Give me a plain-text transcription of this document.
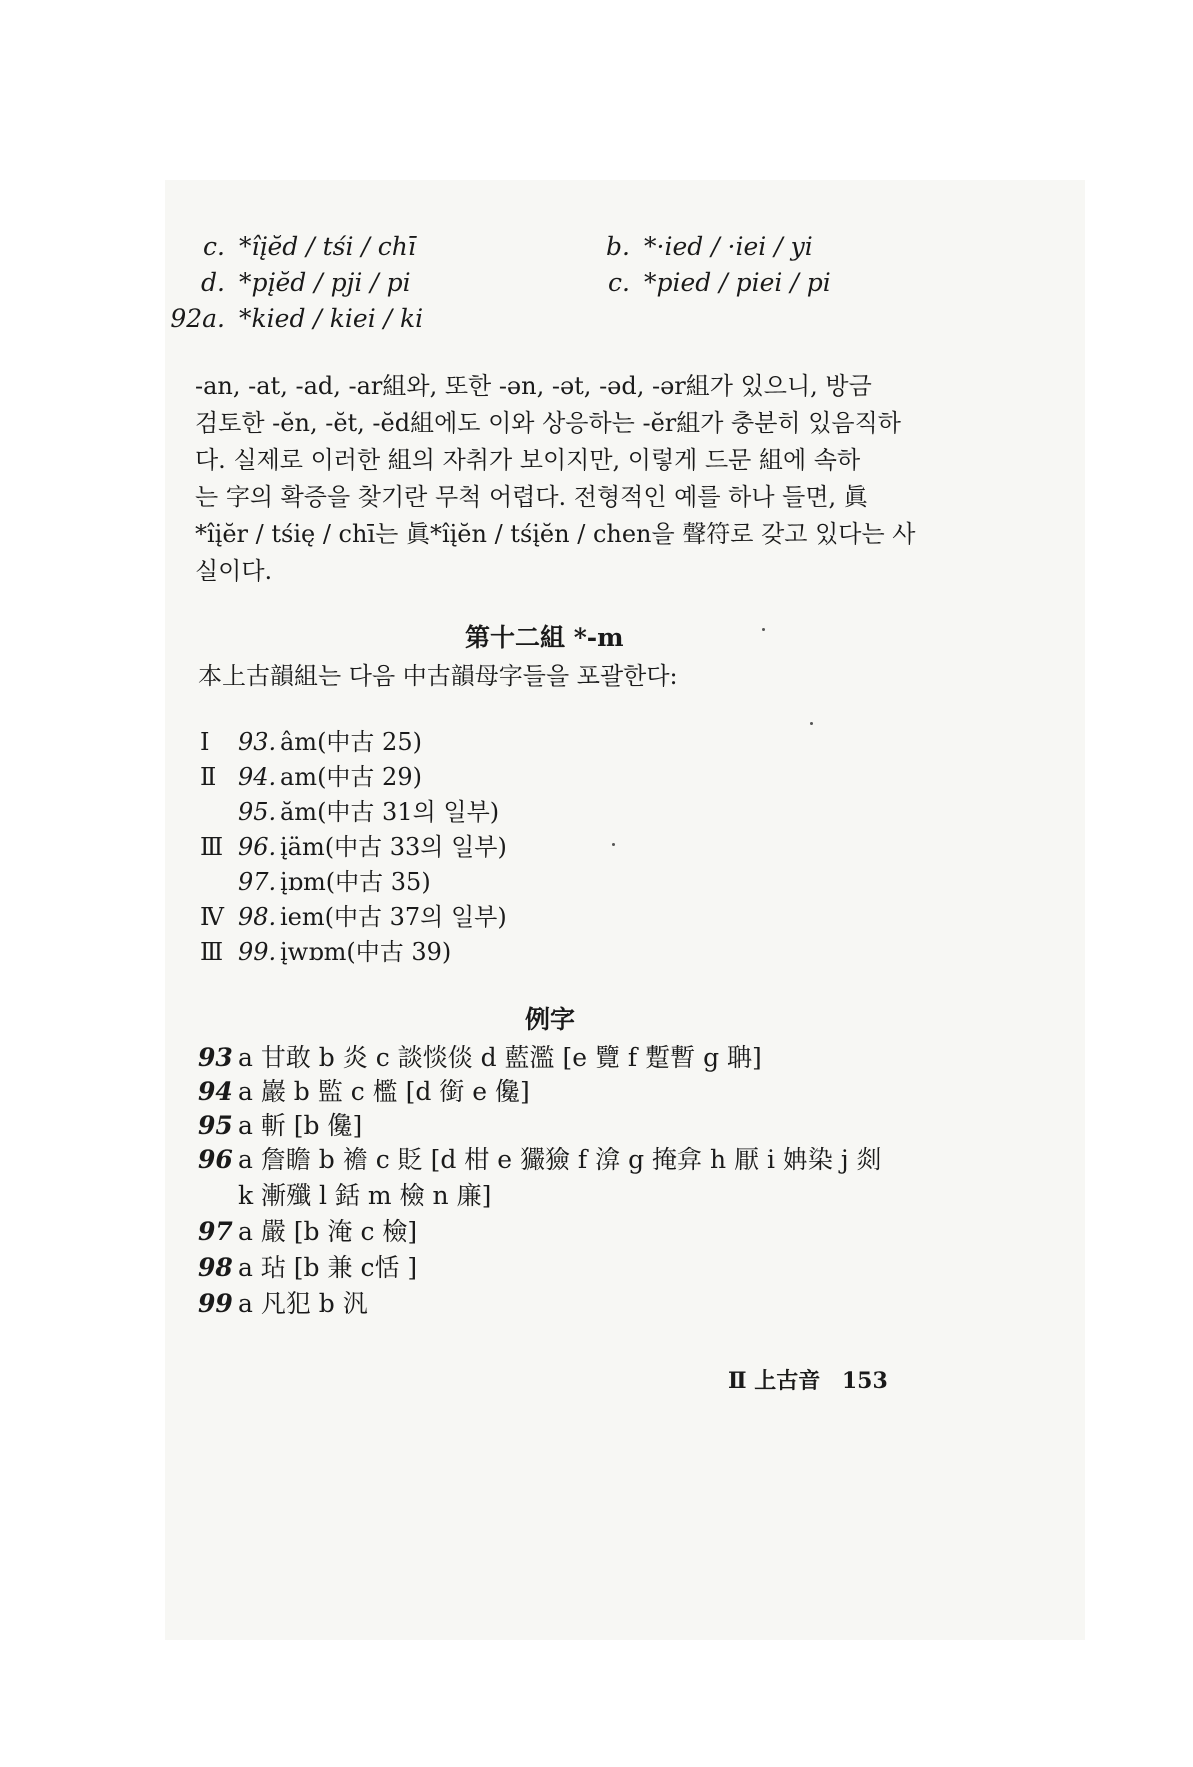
c. *îįĕd / tśi / chī
d. *pįĕd / pji / pi
92a. *kied / kiei / ki
b. *·ied / ·iei / yi
c. *pied / piei / pi
-an, -at, -ad, -ar組와, 또한 -ən, -ət, -əd, -ər組가 있으니, 방금
검토한 -ĕn, -ĕt, -ĕd組에도 이와 상응하는 -ĕr組가 충분히 있음직하
다. 실제로 이러한 組의 자취가 보이지만, 이렇게 드문 組에 속하
는 字의 확증을 찾기란 무척 어렵다. 전형적인 예를 하나 들면, 眞
*îįĕr / tśię / chī는 眞*îįĕn / tśįĕn / chen을 聲符로 갖고 있다는 사
실이다.
第十二組 *-m
本上古韻組는 다음 中古韻母字들을 포괄한다:
Ⅰ 93. âm(中古 25)
Ⅱ 94. am(中古 29)
95. ăm(中古 31의 일부)
Ⅲ 96. įäm(中古 33의 일부)
97. įɒm(中古 35)
Ⅳ 98. iem(中古 37의 일부)
Ⅲ 99. įwɒm(中古 39)
例字
93 a 甘敢 b 炎 c 談惔倓 d 藍濫 [e 覽 f 蹔暫 g 聃]
94 a 巖 b 監 c 檻 [d 銜 e 儳]
95 a 斬 [b 儳]
96 a 詹瞻 b 襜 c 貶 [d 柑 e 玁獫 f 渰 g 掩弇 h 厭 i 姌染 j 剡
k 漸殲 l 銛 m 檢 n 廉]
97 a 嚴 [b 淹 c 檢]
98 a 玷 [b 兼 c恬 ]
99 a 凡犯 b 汎
Ⅱ 上古音 153
